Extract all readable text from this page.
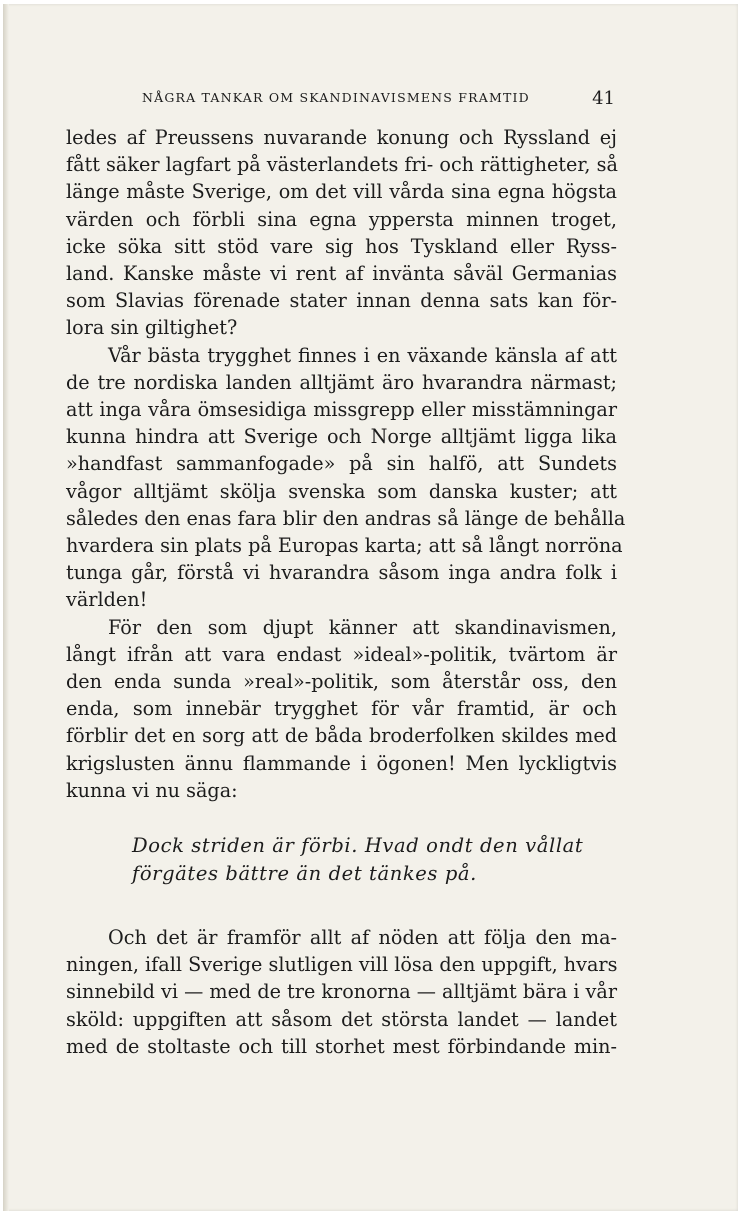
NÅGRA TANKAR OM SKANDINAVISMENS FRAMTID	41

ledes af Preussens nuvarande konung och Ryssland ej
fått säker lagfart på västerlandets fri- och rättigheter, så
länge måste Sverige, om det vill vårda sina egna högsta
värden och förbli sina egna yppersta minnen troget,
icke söka sitt stöd vare sig hos Tyskland eller Ryss-
land. Kanske måste vi rent af invänta såväl Germanias
som Slavias förenade stater innan denna sats kan för-
lora sin giltighet?

Vår bästa trygghet finnes i en växande känsla af att
de tre nordiska landen alltjämt äro hvarandra närmast;
att inga våra ömsesidiga missgrepp eller misstämningar
kunna hindra att Sverige och Norge alltjämt ligga lika
»handfast sammanfogade» på sin halfö, att Sundets
vågor alltjämt skölja svenska som danska kuster; att
således den enas fara blir den andras så länge de behålla
hvardera sin plats på Europas karta; att så långt norröna
tunga går, förstå vi hvarandra såsom inga andra folk i
världen!

För den som djupt känner att skandinavismen,
långt ifrån att vara endast »ideal»-politik, tvärtom är
den enda sunda »real»-politik, som återstår oss, den
enda, som innebär trygghet för vår framtid, är och
förblir det en sorg att de båda broderfolken skildes med
krigslusten ännu flammande i ögonen! Men lyckligtvis
kunna vi nu säga:

Dock striden är förbi. Hvad ondt den vållat
förgätes bättre än det tänkes på.
Och det är framför allt af nöden att följa den ma-
ningen, ifall Sverige slutligen vill lösa den uppgift, hvars
sinnebild vi — med de tre kronorna — alltjämt bära i vår
sköld: uppgiften att såsom det största landet — landet
med de stoltaste och till storhet mest förbindande min-
